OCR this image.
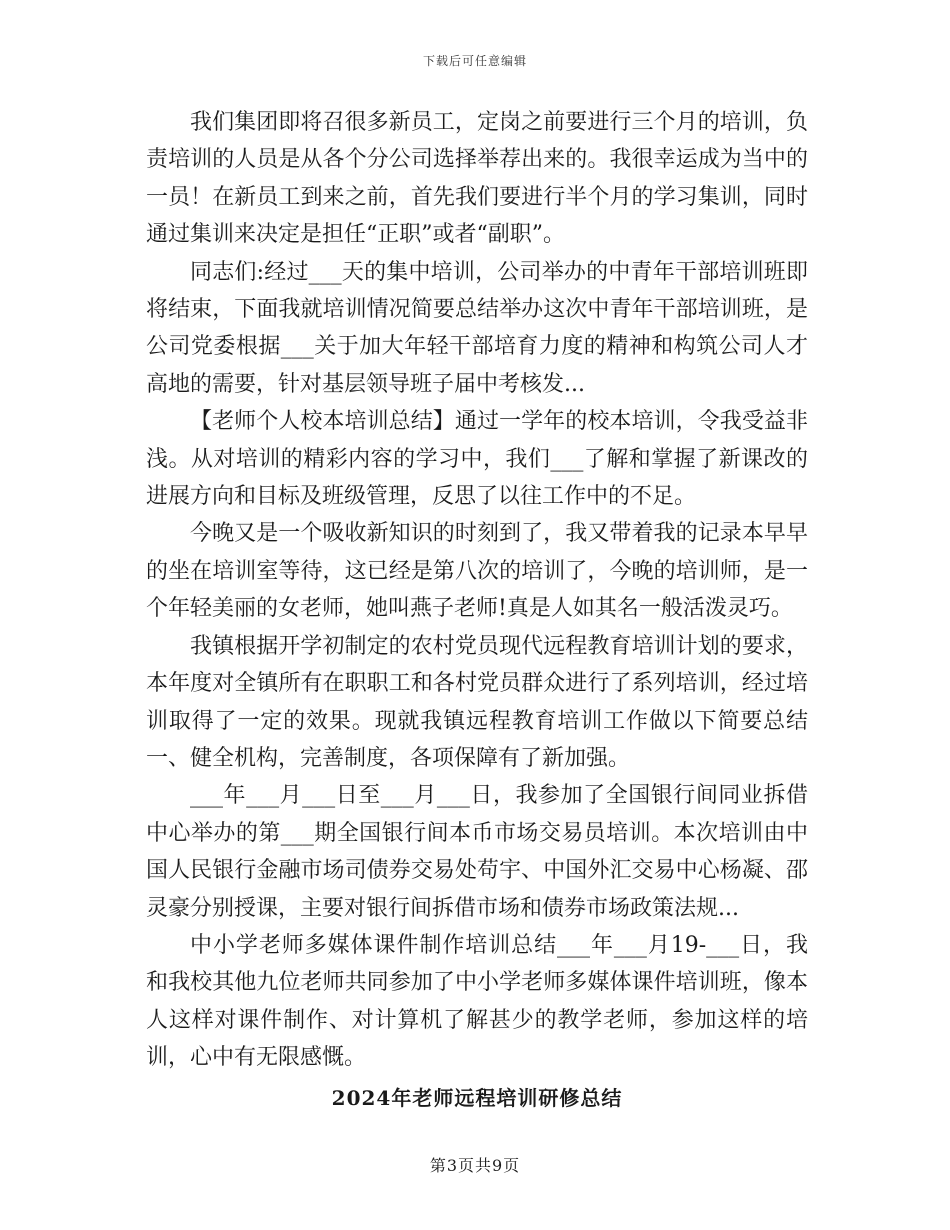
下载后可任意编辑

我们集团即将召很多新员工，定岗之前要进行三个月的培训，负责培训的人员是从各个分公司选择举荐出来的。我很幸运成为当中的一员！在新员工到来之前，首先我们要进行半个月的学习集训，同时通过集训来决定是担任“正职”或者“副职”。

同志们:经过___天的集中培训，公司举办的中青年干部培训班即将结束，下面我就培训情况简要总结举办这次中青年干部培训班，是公司党委根据___关于加大年轻干部培育力度的精神和构筑公司人才高地的需要，针对基层领导班子届中考核发...

【老师个人校本培训总结】通过一学年的校本培训，令我受益非浅。从对培训的精彩内容的学习中，我们___了解和掌握了新课改的进展方向和目标及班级管理，反思了以往工作中的不足。

今晚又是一个吸收新知识的时刻到了，我又带着我的记录本早早的坐在培训室等待，这已经是第八次的培训了，今晚的培训师，是一个年轻美丽的女老师，她叫燕子老师!真是人如其名一般活泼灵巧。

我镇根据开学初制定的农村党员现代远程教育培训计划的要求，本年度对全镇所有在职职工和各村党员群众进行了系列培训，经过培训取得了一定的效果。现就我镇远程教育培训工作做以下简要总结一、健全机构，完善制度，各项保障有了新加强。

___年___月___日至___月___日，我参加了全国银行间同业拆借中心举办的第___期全国银行间本币市场交易员培训。本次培训由中国人民银行金融市场司债券交易处苟宇、中国外汇交易中心杨凝、邵灵豪分别授课，主要对银行间拆借市场和债券市场政策法规...

中小学老师多媒体课件制作培训总结___年___月19-___日，我和我校其他九位老师共同参加了中小学老师多媒体课件培训班，像本人这样对课件制作、对计算机了解甚少的教学老师，参加这样的培训，心中有无限感慨。

2024年老师远程培训研修总结
第3页共9页
